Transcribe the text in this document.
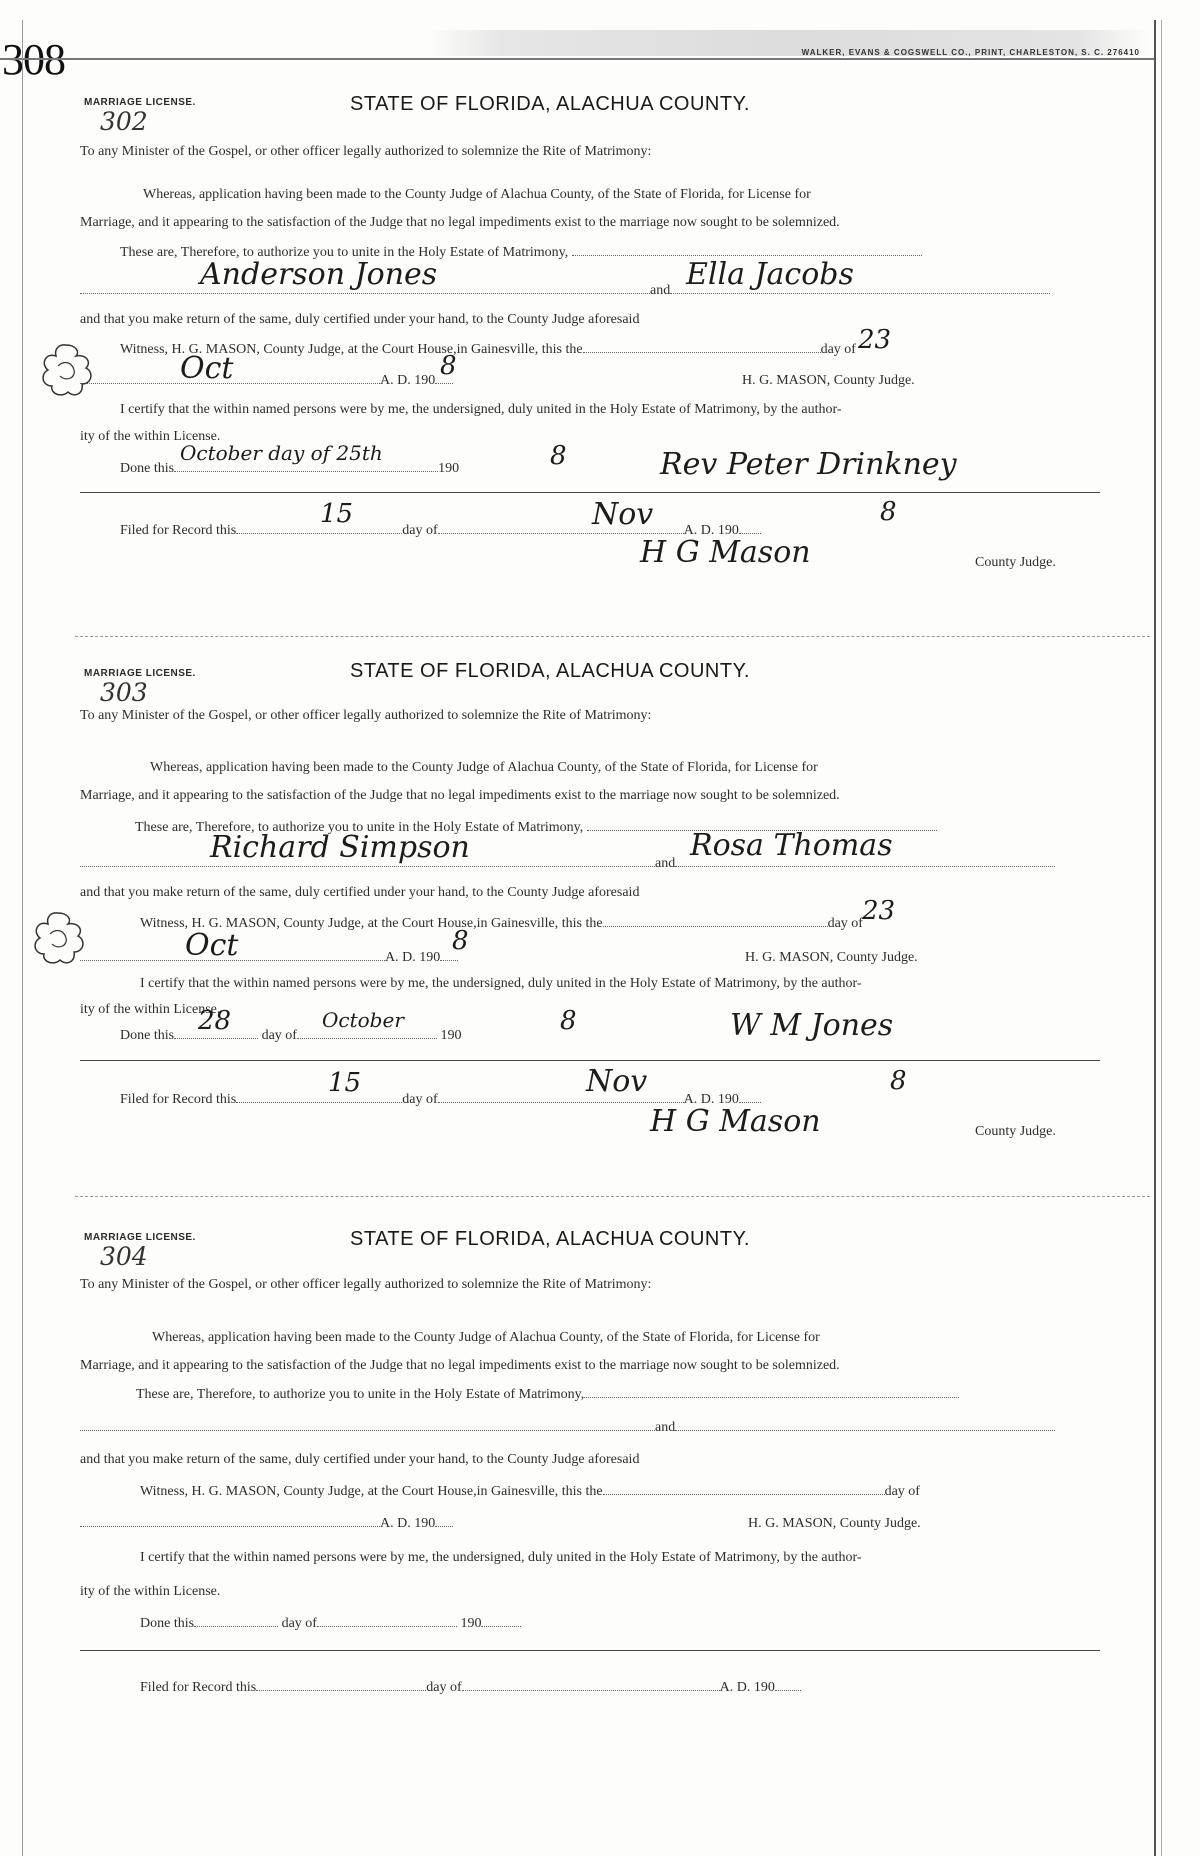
308	WALKER, EVANS & COGSWELL CO., PRINT, CHARLESTON, S. C. 276410
MARRIAGE LICENSE.
302
STATE OF FLORIDA, ALACHUA COUNTY.
To any Minister of the Gospel, or other officer legally authorized to solemnize the Rite of Matrimony:
Whereas, application having been made to the County Judge of Alachua County, of the State of Florida, for License for
Marriage, and it appearing to the satisfaction of the Judge that no legal impediments exist to the marriage now sought to be solemnized.
These are, Therefore, to authorize you to unite in the Holy Estate of Matrimony,
and
Anderson Jones	Ella Jacobs
and that you make return of the same, duly certified under your hand, to the County Judge aforesaid
Witness, H. G. MASON, County Judge, at the Court House,in Gainesville, this the	day of 23
A. D. 190
Oct	8	H. G. MASON, County Judge.
I certify that the within named persons were by me, the undersigned, duly united in the Holy Estate of Matrimony, by the author-
ity of the within License.
Done this	190
October day of 25th	8	Rev Peter Drinkney
Filed for Record this	day of	A. D. 190
15	Nov	8
H G Mason	County Judge.
MARRIAGE LICENSE.
303
STATE OF FLORIDA, ALACHUA COUNTY.
To any Minister of the Gospel, or other officer legally authorized to solemnize the Rite of Matrimony:
Whereas, application having been made to the County Judge of Alachua County, of the State of Florida, for License for
Marriage, and it appearing to the satisfaction of the Judge that no legal impediments exist to the marriage now sought to be solemnized.
These are, Therefore, to authorize you to unite in the Holy Estate of Matrimony,
and
Richard Simpson	Rosa Thomas
and that you make return of the same, duly certified under your hand, to the County Judge aforesaid
Witness, H. G. MASON, County Judge, at the Court House,in Gainesville, this the	day of 23
A. D. 190
Oct	8
H. G. MASON, County Judge.
I certify that the within named persons were by me, the undersigned, duly united in the Holy Estate of Matrimony, by the author-
ity of the within License.
Done this	day of	190
28	October	8	W M Jones
Filed for Record this	day of	A. D. 190
15	Nov	8
H G Mason	County Judge.
MARRIAGE LICENSE.
304
STATE OF FLORIDA, ALACHUA COUNTY.
To any Minister of the Gospel, or other officer legally authorized to solemnize the Rite of Matrimony:
Whereas, application having been made to the County Judge of Alachua County, of the State of Florida, for License for
Marriage, and it appearing to the satisfaction of the Judge that no legal impediments exist to the marriage now sought to be solemnized.
These are, Therefore, to authorize you to unite in the Holy Estate of Matrimony,
and
and that you make return of the same, duly certified under your hand, to the County Judge aforesaid
Witness, H. G. MASON, County Judge, at the Court House,in Gainesville, this the	day of
A. D. 190	H. G. MASON, County Judge.
I certify that the within named persons were by me, the undersigned, duly united in the Holy Estate of Matrimony, by the author-
ity of the within License.
Done this	day of	190
Filed for Record this	day of	A. D. 190
